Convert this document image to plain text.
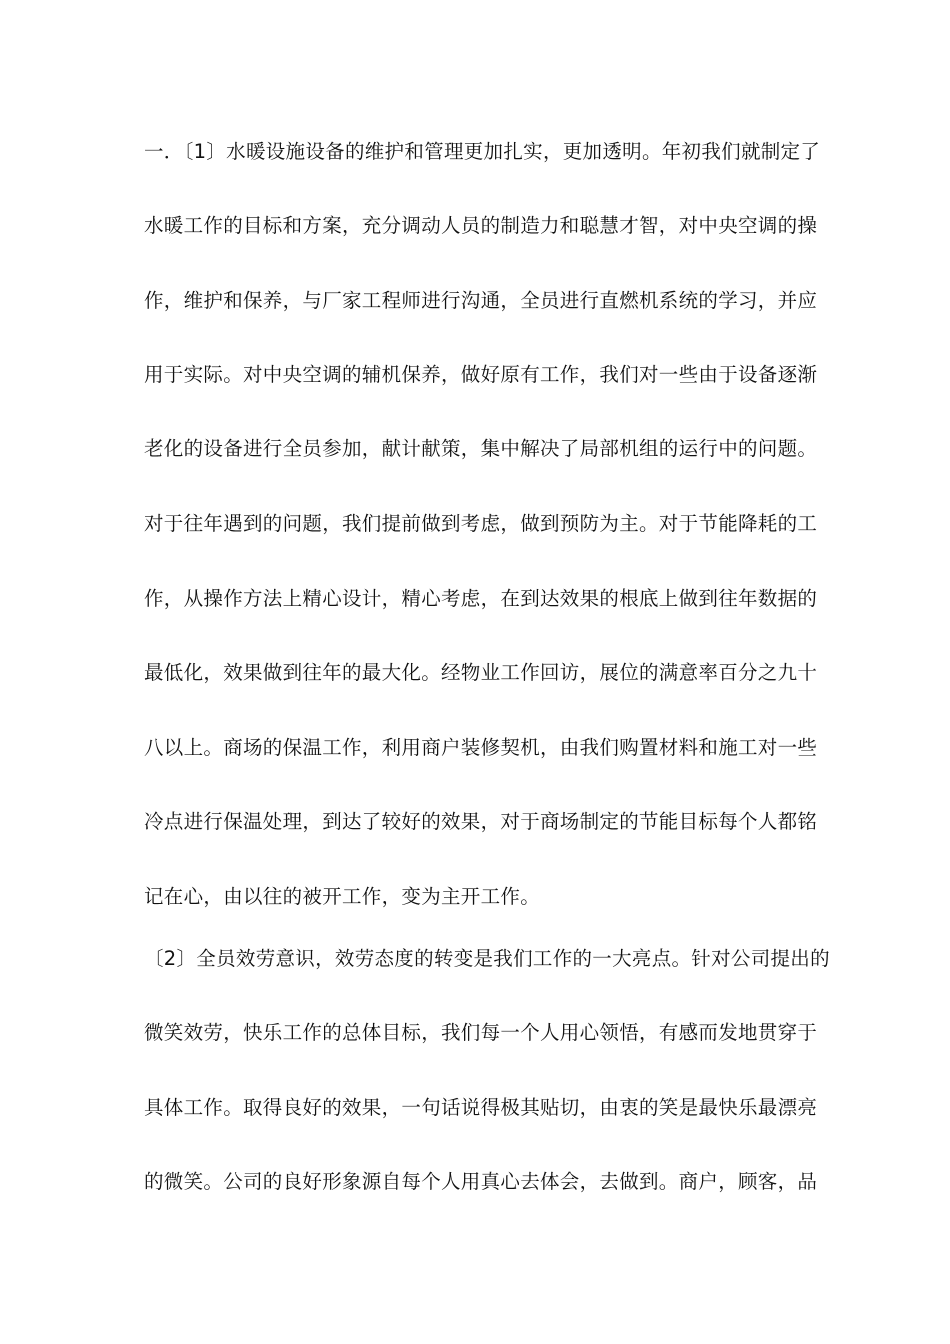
一．〔1〕水暖设施设备的维护和管理更加扎实，更加透明。年初我们就制定了
水暖工作的目标和方案，充分调动人员的制造力和聪慧才智，对中央空调的操
作，维护和保养，与厂家工程师进行沟通，全员进行直燃机系统的学习，并应
用于实际。对中央空调的辅机保养，做好原有工作，我们对一些由于设备逐渐
老化的设备进行全员参加，献计献策，集中解决了局部机组的运行中的问题。
对于往年遇到的问题，我们提前做到考虑，做到预防为主。对于节能降耗的工
作，从操作方法上精心设计，精心考虑，在到达效果的根底上做到往年数据的
最低化，效果做到往年的最大化。经物业工作回访，展位的满意率百分之九十
八以上。商场的保温工作，利用商户装修契机，由我们购置材料和施工对一些
冷点进行保温处理，到达了较好的效果，对于商场制定的节能目标每个人都铭
记在心，由以往的被开工作，变为主开工作。
〔2〕全员效劳意识，效劳态度的转变是我们工作的一大亮点。针对公司提出的
微笑效劳，快乐工作的总体目标，我们每一个人用心领悟，有感而发地贯穿于
具体工作。取得良好的效果，一句话说得极其贴切，由衷的笑是最快乐最漂亮
的微笑。公司的良好形象源自每个人用真心去体会，去做到。商户，顾客，品
